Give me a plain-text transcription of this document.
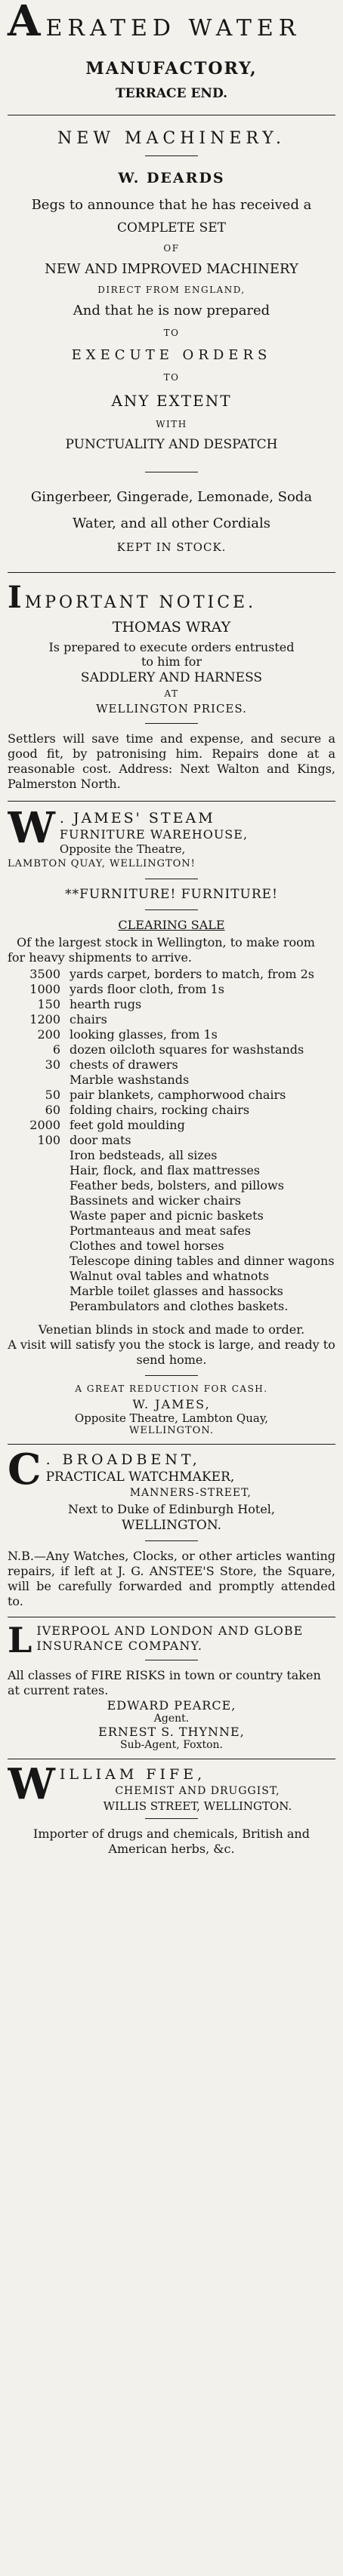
AERATED WATER
MANUFACTORY,
TERRACE END.
NEW MACHINERY.
W. DEARDS
Begs to announce that he has received a
COMPLETE SET
OF
NEW AND IMPROVED MACHINERY
DIRECT FROM ENGLAND,
And that he is now prepared
TO
EXECUTE ORDERS
TO
ANY EXTENT
WITH
PUNCTUALITY AND DESPATCH
Gingerbeer, Gingerade, Lemonade, Soda
Water, and all other Cordials
KEPT IN STOCK.
IMPORTANT NOTICE.
THOMAS WRAY
Is prepared to execute orders entrusted
to him for
SADDLERY AND HARNESS
AT
WELLINGTON PRICES.
Settlers will save time and expense, and secure a good fit, by patronising him. Repairs done at a reasonable cost. Address: Next Walton and Kings, Palmerston North.
W . JAMES' STEAM
FURNITURE WAREHOUSE,
Opposite the Theatre,
LAMBTON QUAY, WELLINGTON!
**FURNITURE! FURNITURE!
CLEARING SALE
Of the largest stock in Wellington, to make room for heavy shipments to arrive.
3500 yards carpet, borders to match, from 2s
1000 yards floor cloth, from 1s
150 hearth rugs
1200 chairs
200 looking glasses, from 1s
6 dozen oilcloth squares for washstands
30 chests of drawers
Marble washstands
50 pair blankets, camphorwood chairs
60 folding chairs, rocking chairs
2000 feet gold moulding
100 door mats
Iron bedsteads, all sizes
Hair, flock, and flax mattresses
Feather beds, bolsters, and pillows
Bassinets and wicker chairs
Waste paper and picnic baskets
Portmanteaus and meat safes
Clothes and towel horses
Telescope dining tables and dinner wagons
Walnut oval tables and whatnots
Marble toilet glasses and hassocks
Perambulators and clothes baskets.
Venetian blinds in stock and made to order.
A visit will satisfy you the stock is large, and ready to send home.
A GREAT REDUCTION FOR CASH.
W. JAMES,
Opposite Theatre, Lambton Quay,
WELLINGTON.
C . BROADBENT,
PRACTICAL WATCHMAKER,
MANNERS-STREET,
Next to Duke of Edinburgh Hotel,
WELLINGTON.
N.B.—Any Watches, Clocks, or other articles wanting repairs, if left at J. G. ANSTEE'S Store, the Square, will be carefully forwarded and promptly attended to.
L IVERPOOL AND LONDON AND GLOBE INSURANCE COMPANY.
All classes of FIRE RISKS in town or country taken at current rates.
EDWARD PEARCE,
Agent.
ERNEST S. THYNNE,
Sub-Agent, Foxton.
W ILLIAM FIFE,
CHEMIST AND DRUGGIST,
WILLIS STREET, WELLINGTON.
Importer of drugs and chemicals, British and American herbs, &c.
